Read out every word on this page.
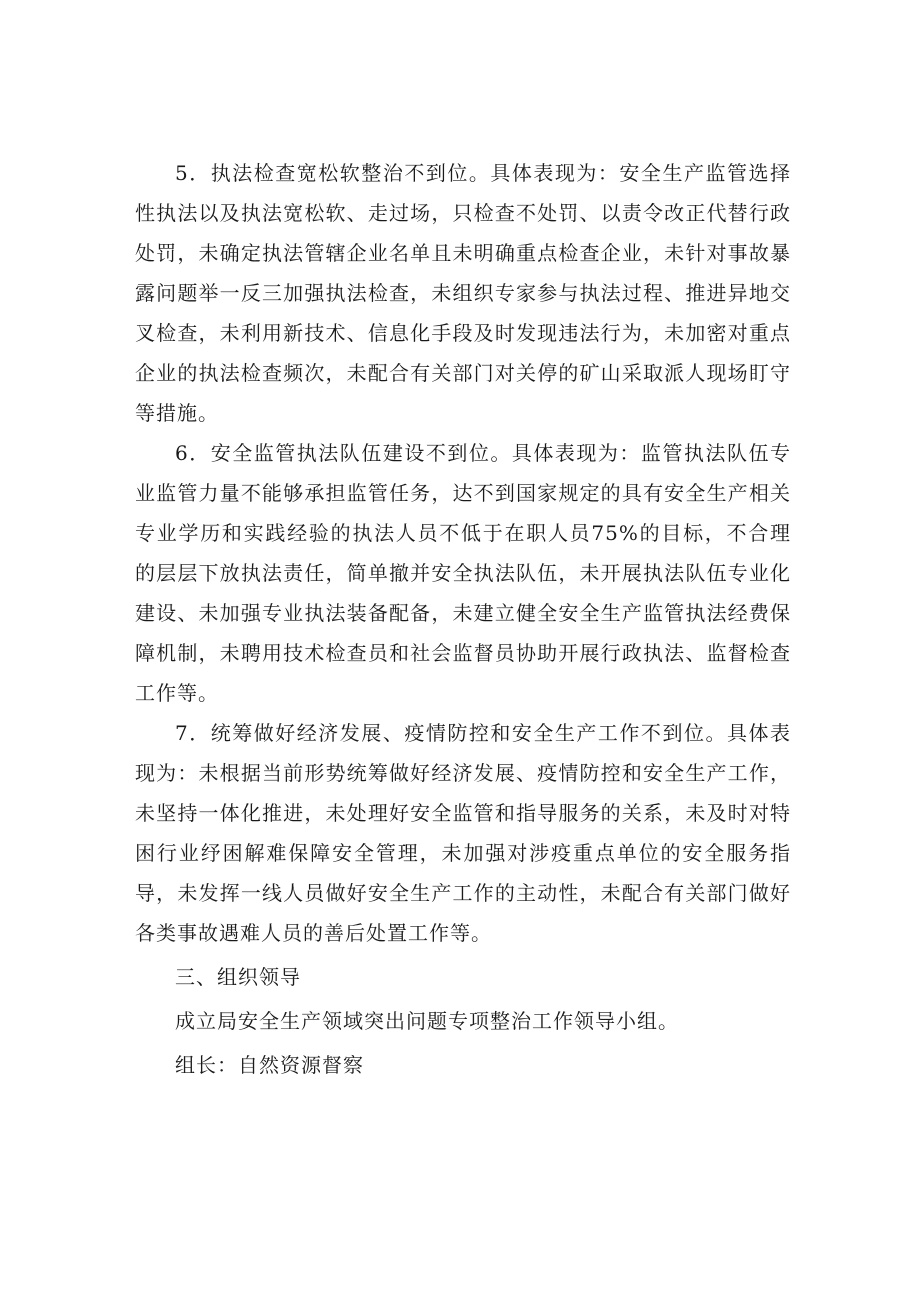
5．执法检查宽松软整治不到位。具体表现为：安全生产监管选择性执法以及执法宽松软、走过场，只检查不处罚、以责令改正代替行政处罚，未确定执法管辖企业名单且未明确重点检查企业，未针对事故暴露问题举一反三加强执法检查，未组织专家参与执法过程、推进异地交叉检查，未利用新技术、信息化手段及时发现违法行为，未加密对重点企业的执法检查频次，未配合有关部门对关停的矿山采取派人现场盯守等措施。

6．安全监管执法队伍建设不到位。具体表现为：监管执法队伍专业监管力量不能够承担监管任务，达不到国家规定的具有安全生产相关专业学历和实践经验的执法人员不低于在职人员75%的目标，不合理的层层下放执法责任，简单撤并安全执法队伍，未开展执法队伍专业化建设、未加强专业执法装备配备，未建立健全安全生产监管执法经费保障机制，未聘用技术检查员和社会监督员协助开展行政执法、监督检查工作等。

7．统筹做好经济发展、疫情防控和安全生产工作不到位。具体表现为：未根据当前形势统筹做好经济发展、疫情防控和安全生产工作，未坚持一体化推进，未处理好安全监管和指导服务的关系，未及时对特困行业纾困解难保障安全管理，未加强对涉疫重点单位的安全服务指导，未发挥一线人员做好安全生产工作的主动性，未配合有关部门做好各类事故遇难人员的善后处置工作等。

三、组织领导

成立局安全生产领域突出问题专项整治工作领导小组。

组长：自然资源督察
